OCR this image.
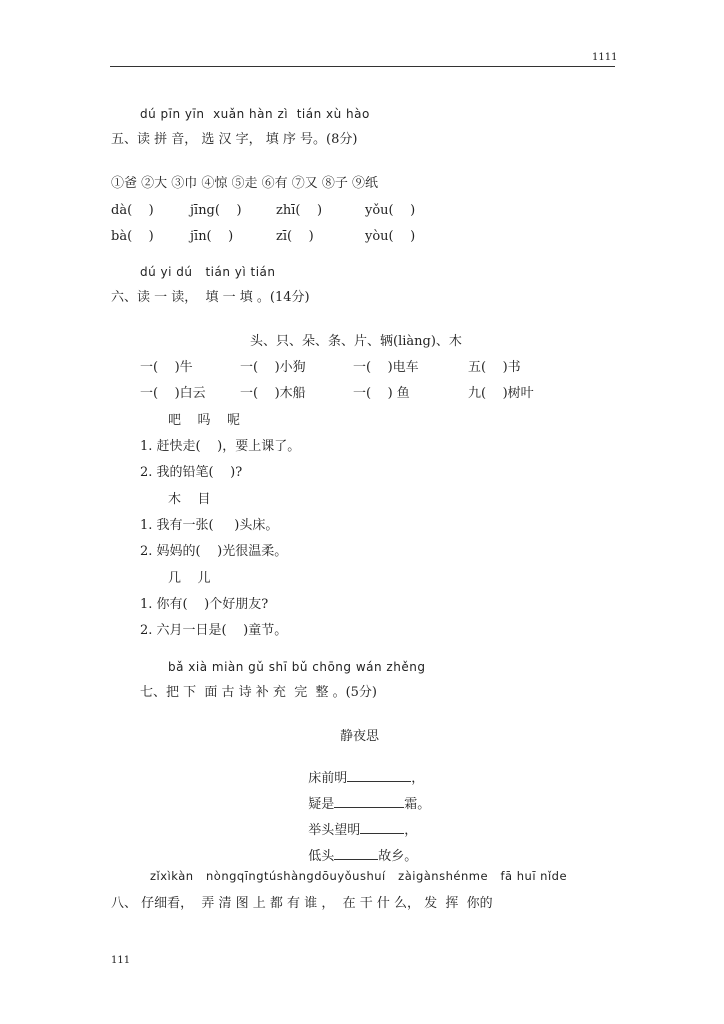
1111
dú pīn yīn  xuǎn hàn zì  tián xù hào
五、读 拼 音， 选 汉 字， 填 序 号。(8分)
①爸 ②大 ③巾 ④惊 ⑤走 ⑥有 ⑦又 ⑧子 ⑨纸
dà(    )	jīng(    )	zhī(    )	yǒu(    )
bà(    )	jīn(    )	zī(    )	yòu(    )
dú yi dú   tián yì tián
六、读 一 读，  填 一 填 。(14分)
头、只、朵、条、片、辆(liàng)、木
一(    )牛	一(    )小狗	一(    )电车	五(    )书
一(    )白云	一(    )木船	一(    ) 鱼	九(    )树叶
吧    吗    呢
1. 赶快走(    )，要上课了。
2. 我的铅笔(    )?
木    目
1. 我有一张(     )头床。
2. 妈妈的(    )光很温柔。
几    儿
1. 你有(    )个好朋友?
2. 六月一日是(    )童节。
bǎ xià miàn gǔ shī bǔ chōng wán zhěng
七、把 下  面 古 诗 补 充  完  整 。(5分)
静夜思

床前明	，

疑是	霜。

举头望明	，

低头	故乡。

zǐxìkàn   nòngqīngtúshàngdōuyǒushuí   zàigànshénme   fā huī nǐde
八、 仔细看，  弄 清 图 上 都 有 谁 ，  在 干 什 么， 发  挥  你的
111
